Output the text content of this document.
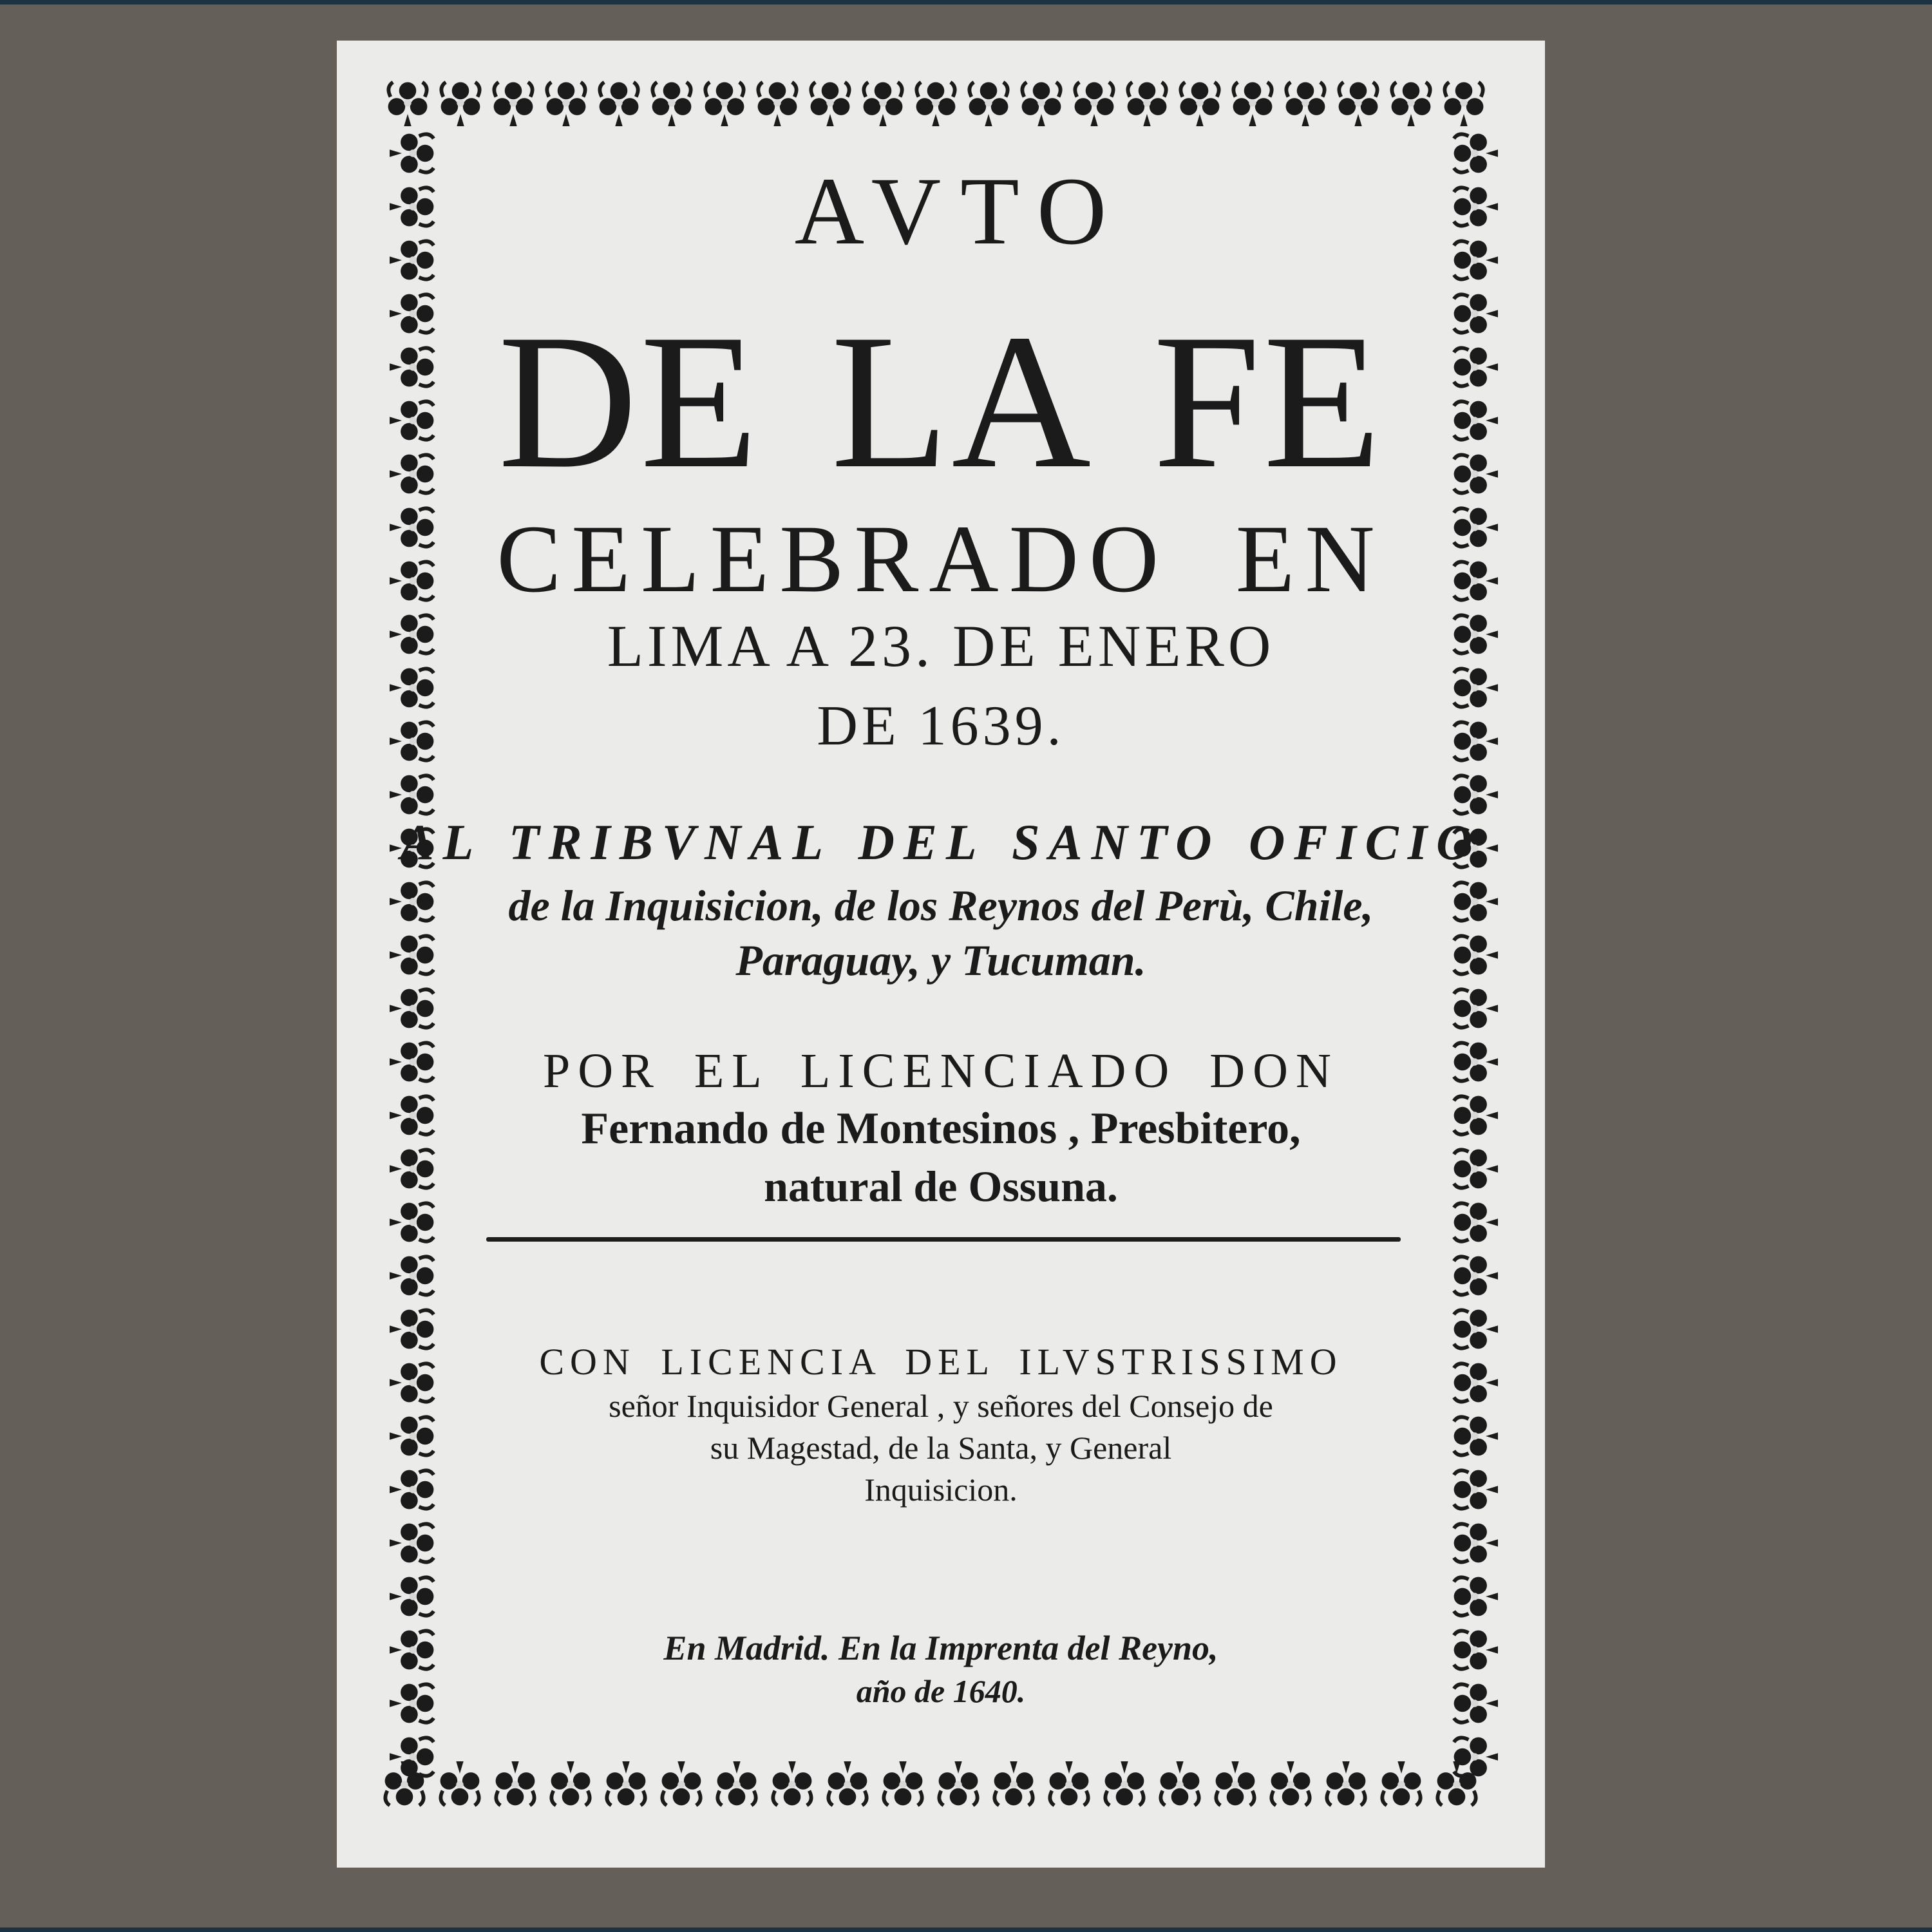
AVTO

DE LA FE

CELEBRADO EN

LIMA A 23. DE ENERO

DE 1639.

AL TRIBVNAL DEL SANTO OFICIO

de la Inquisicion, de los Reynos del Perù, Chile,

Paraguay, y Tucuman.

POR EL LICENCIADO DON

Fernando de Montesinos , Presbitero,

natural de Ossuna.

CON LICENCIA DEL ILVSTRISSIMO

señor Inquisidor General , y señores del Consejo de

su Magestad, de la Santa, y General

Inquisicion.

En Madrid. En la Imprenta del Reyno,

año de 1640.
